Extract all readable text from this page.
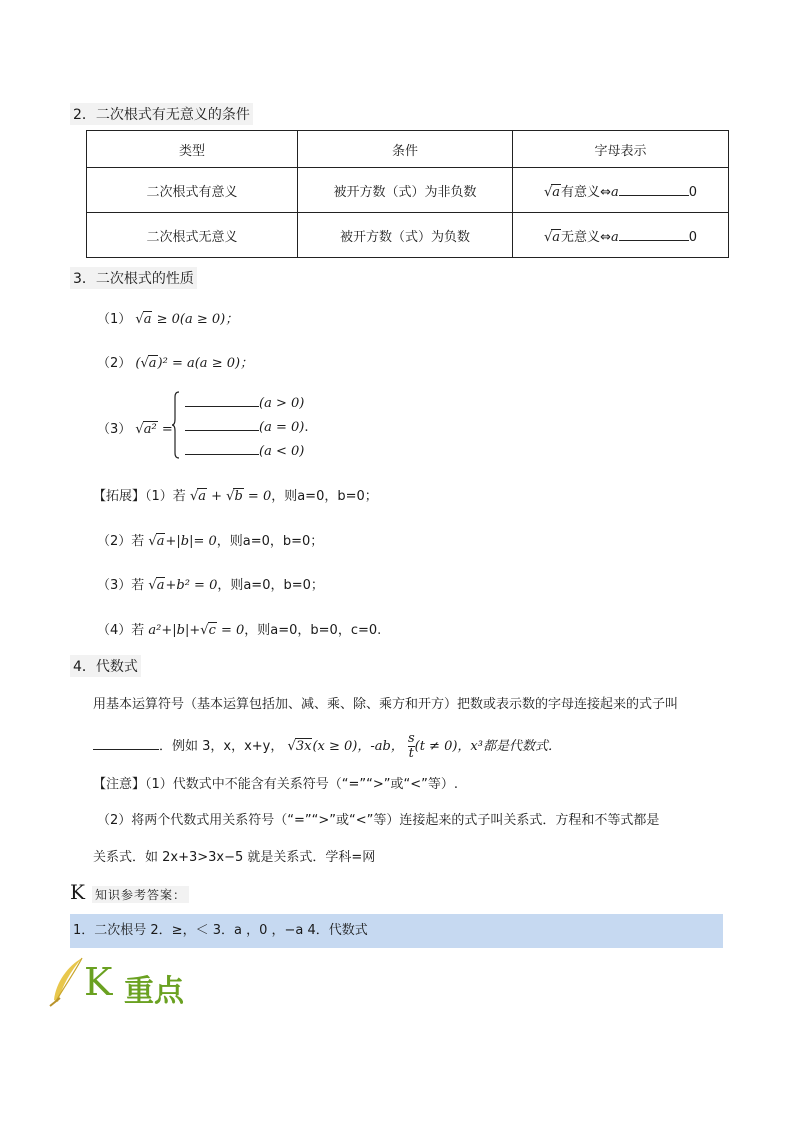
2．二次根式有无意义的条件
类型	条件	字母表示
二次根式有意义	被开方数（式）为非负数	√a有意义⇔a 0
二次根式无意义	被开方数（式）为负数	√a无意义⇔a 0
3．二次根式的性质
（1） √a ≥ 0(a ≥ 0)；
（2） (√a)² = a(a ≥ 0)；
（3） √a² =
(a > 0)
(a = 0).
(a < 0)
【拓展】（1）若 √a + √b = 0，则a=0，b=0；
（2）若 √a+|b|= 0，则a=0，b=0；
（3）若 √a+b² = 0，则a=0，b=0；
（4）若 a²+|b|+√c = 0，则a=0，b=0，c=0.
4．代数式
用基本运算符号（基本运算包括加、减、乘、除、乘方和开方）把数或表示数的字母连接起来的式子叫
．例如 3，x，x+y， √3x(x ≥ 0)，-ab， $\frac{s}{t} (t \ne 0)$，x³都是代数式．
【注意】（1）代数式中不能含有关系符号（“=”“>”或“<”等）.
（2）将两个代数式用关系符号（“=”“>”或“<”等）连接起来的式子叫关系式．方程和不等式都是
关系式．如 2x+3>3x−5 就是关系式．学科=网
K 知识参考答案：
1．二次根号 2．≥，＜ 3．a ，0 ，−a 4．代数式
K 重点
